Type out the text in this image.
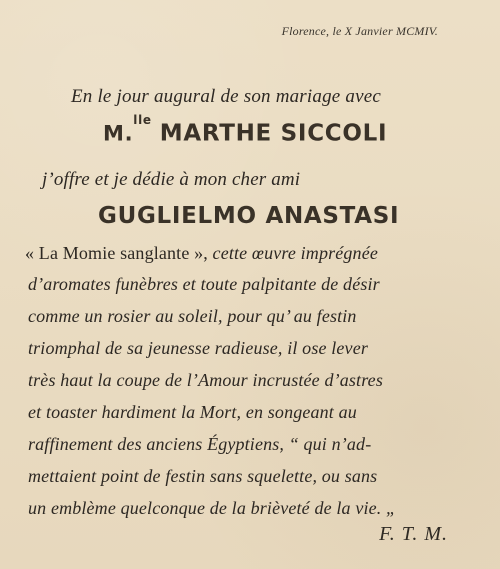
Florence, le X Janvier MCMIV.
En le jour augural de son mariage avec
M.$^{lle}$MARTHE SICCOLI
j’offre et je dédie à mon cher ami
GUGLIELMO ANASTASI
« La Momie sanglante », cette œuvre imprégnée
d’aromates funèbres et toute palpitante de désir
comme un rosier au soleil, pour qu’ au festin
triomphal de sa jeunesse radieuse, il ose lever
très haut la coupe de l’Amour incrustée d’astres
et toaster hardiment la Mort, en songeant au
raffinement des anciens Égyptiens, “ qui n’ad-
mettaient point de festin sans squelette, ou sans
un emblème quelconque de la brièveté de la vie. „
F. T. M.
